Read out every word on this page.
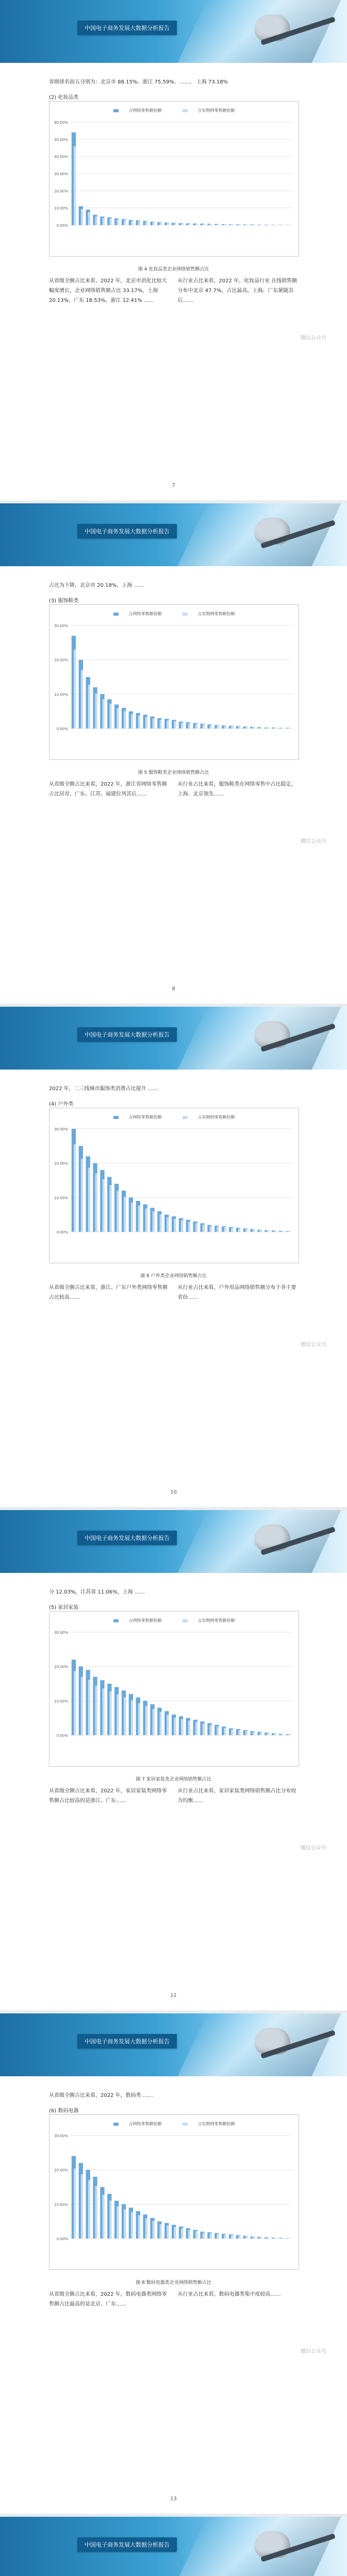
中国电子商务发展大数据分析报告

省级排名前五分别为：北京市 88.15%、浙江 75.59%、……、 上海 73.18%

(2) 化妆品类

占网络零售额份额	占实物网零售额份额
0.00%
10.00%
20.00%
30.00%
40.00%
50.00%
60.00%

图 4 化妆品类企业网络销售额占比

从省级全额占比来看，2022 年，北京市消化比较大幅度增长，企业网络销售额占比 33.17%，上海 20.13%，广东 18.53%，浙江 12.41% ……

从行业占比来看，2022 年，化妆品行业 在线销售额分布中北京 47.7%，占比最高，上海、广东紧随其后……

7
微信公众号
中国电子商务发展大数据分析报告

占比为下降，北京市 20.18%，上海 ……

(3) 服饰鞋类

占网络零售额份额	占实物网零售额份额
0.00%
10.00%
20.00%
30.00%

图 5 服饰鞋类企业网络销售额占比

从省级全额占比来看，2022 年，浙江省网络零售额占比居首，广东、江苏、福建位列其后……

从行业占比来看，服饰鞋类在网络零售中占比稳定，上海、北京领先……

8
微信公众号
中国电子商务发展大数据分析报告

2022 年，二三线城市服饰类消费占比提升 ……

(4) 户外类

占网络零售额份额	占实物网零售额份额
0.00%
10.00%
20.00%
30.00%

图 6 户外类企业网络销售额占比

从省级全额占比来看，浙江、广东户外类网络零售额占比较高……

从行业占比来看，户外用品网络销售额分布于各主要省份……

10
微信公众号
中国电子商务发展大数据分析报告

分 12.03%，江苏省 11.06%，上海 ……

(5) 家居家装

占网络零售额份额	占实物网零售额份额
0.00%
10.00%
20.00%
30.00%

图 7 家居家装类企业网络销售额占比

从省级全额占比来看，2022 年，家居家装类网络零售额占比较高的是浙江、广东……

从行业占比来看，家居家装类网络销售额占比分布较为均衡……

11
微信公众号
中国电子商务发展大数据分析报告

从省级全额占比来看，2022 年，数码类 ……

(6) 数码电器

占网络零售额份额	占实物网零售额份额
0.00%
10.00%
20.00%
30.00%

图 8 数码电器类企业网络销售额占比

从省级全额占比来看，2022 年，数码电器类网络零售额占比最高的是北京、广东……

从行业占比来看，数码电器类集中度较高……

13
微信公众号
中国电子商务发展大数据分析报告
